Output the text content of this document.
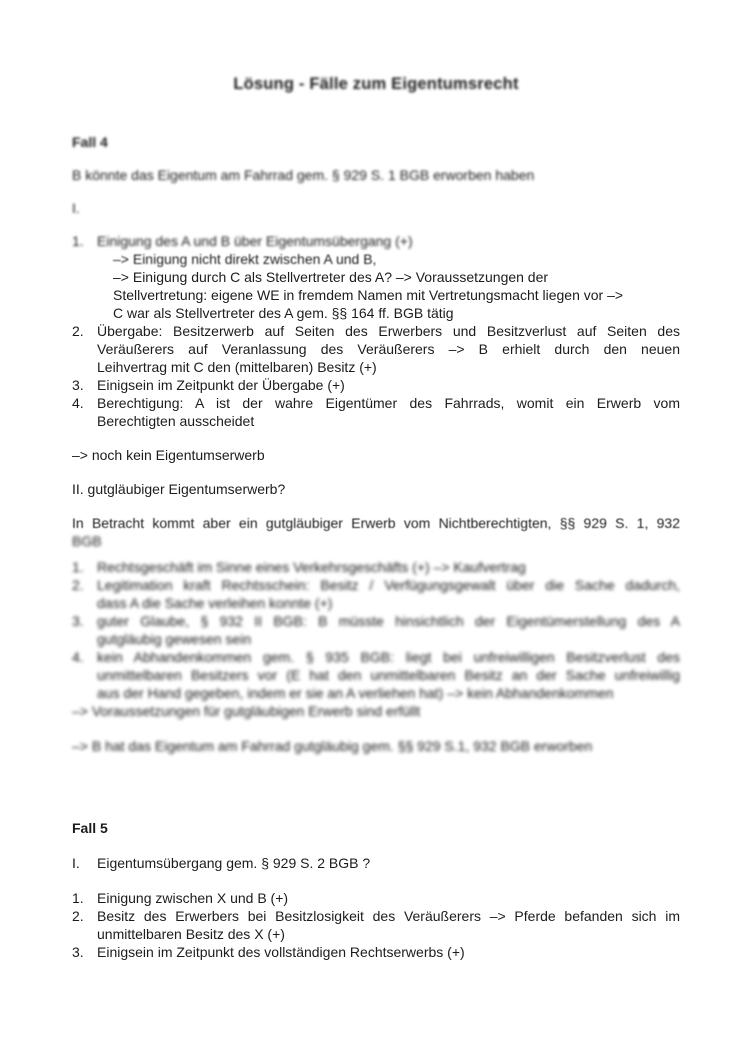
Lösung - Fälle zum Eigentumsrecht
Fall 4
B könnte das Eigentum am Fahrrad gem. § 929 S. 1 BGB erworben haben
I.
1. Einigung des A und B über Eigentumsübergang (+)
–> Einigung nicht direkt zwischen A und B,
–> Einigung durch C als Stellvertreter des A? –> Voraussetzungen der
Stellvertretung: eigene WE in fremdem Namen mit Vertretungsmacht liegen vor –>
C war als Stellvertreter des A gem. §§ 164 ff. BGB tätig
2. Übergabe: Besitzerwerb auf Seiten des Erwerbers und Besitzverlust auf Seiten des
Veräußerers auf Veranlassung des Veräußerers –> B erhielt durch den neuen
Leihvertrag mit C den (mittelbaren) Besitz (+)
3. Einigsein im Zeitpunkt der Übergabe (+)
4. Berechtigung: A ist der wahre Eigentümer des Fahrrads, womit ein Erwerb vom
Berechtigten ausscheidet
–> noch kein Eigentumserwerb
II. gutgläubiger Eigentumserwerb?
In Betracht kommt aber ein gutgläubiger Erwerb vom Nichtberechtigten, §§ 929 S. 1, 932
BGB
1. Rechtsgeschäft im Sinne eines Verkehrsgeschäfts (+) –> Kaufvertrag
2. Legitimation kraft Rechtsschein: Besitz / Verfügungsgewalt über die Sache dadurch,
dass A die Sache verleihen konnte (+)
3. guter Glaube, § 932 II BGB: B müsste hinsichtlich der Eigentümerstellung des A
gutgläubig gewesen sein
4. kein Abhandenkommen gem. § 935 BGB: liegt bei unfreiwilligen Besitzverlust des
unmittelbaren Besitzers vor (E hat den unmittelbaren Besitz an der Sache unfreiwillig
aus der Hand gegeben, indem er sie an A verliehen hat) –> kein Abhandenkommen
–> Voraussetzungen für gutgläubigen Erwerb sind erfüllt
–> B hat das Eigentum am Fahrrad gutgläubig gem. §§ 929 S.1, 932 BGB erworben
Fall 5
I.	Eigentumsübergang gem. § 929 S. 2 BGB ?
1. Einigung zwischen X und B (+)
2. Besitz des Erwerbers bei Besitzlosigkeit des Veräußerers –> Pferde befanden sich im
unmittelbaren Besitz des X (+)
3. Einigsein im Zeitpunkt des vollständigen Rechtserwerbs (+)
